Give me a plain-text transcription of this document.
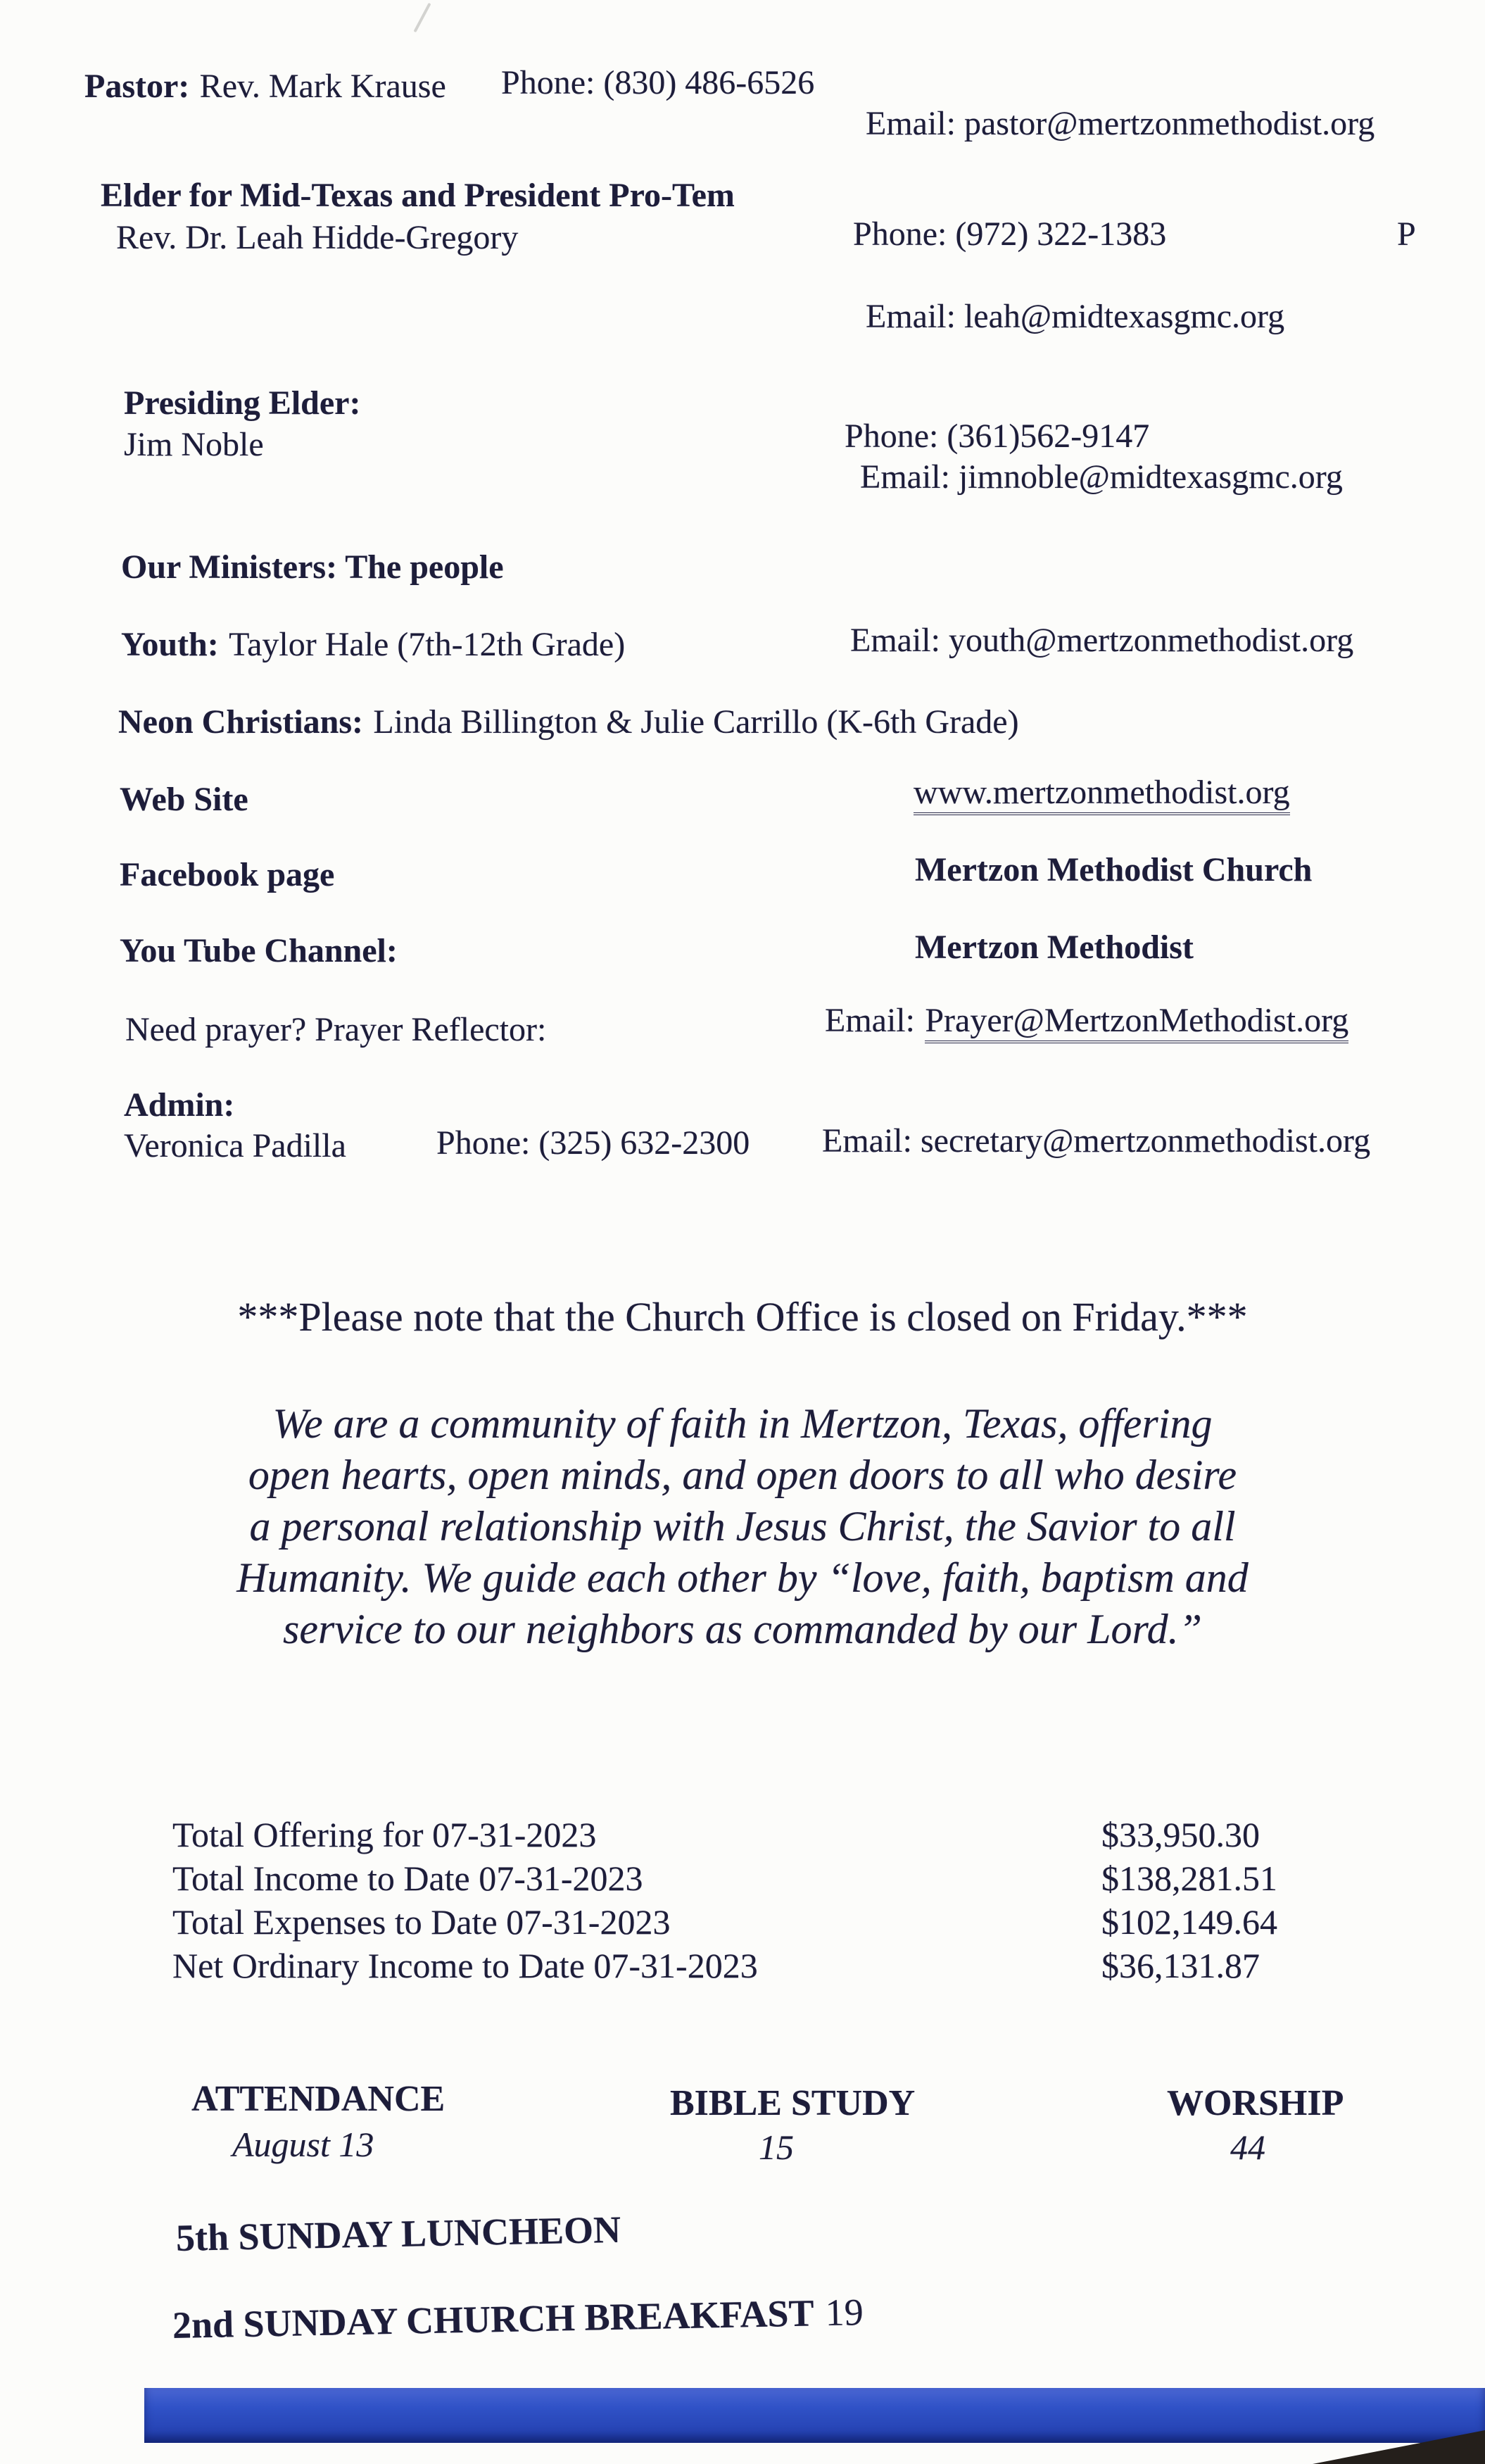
Pastor: Rev. Mark Krause Phone: (830) 486-6526
Email: pastor@mertzonmethodist.org
Elder for Mid-Texas and President Pro-Tem
Rev. Dr. Leah Hidde-Gregory	Phone: (972) 322-1383	P
Email: leah@midtexasgmc.org
Presiding Elder:
Jim Noble	Phone: (361)562-9147
Email: jimnoble@midtexasgmc.org
Our Ministers: The people
Youth: Taylor Hale (7th-12th Grade)	Email: youth@mertzonmethodist.org
Neon Christians: Linda Billington & Julie Carrillo (K-6th Grade)
Web Site	www.mertzonmethodist.org
Facebook page	Mertzon Methodist Church
You Tube Channel:	Mertzon Methodist
Need prayer? Prayer Reflector:	Email: Prayer@MertzonMethodist.org
Admin:
Veronica Padilla	Phone: (325) 632-2300 Email: secretary@mertzonmethodist.org
***Please note that the Church Office is closed on Friday.***
We are a community of faith in Mertzon, Texas, offering
open hearts, open minds, and open doors to all who desire
a personal relationship with Jesus Christ, the Savior to all
Humanity. We guide each other by “love, faith, baptism and
service to our neighbors as commanded by our Lord.”
Total Offering for 07-31-2023	$33,950.30
Total Income to Date 07-31-2023	$138,281.51
Total Expenses to Date 07-31-2023	$102,149.64
Net Ordinary Income to Date 07-31-2023	$36,131.87
ATTENDANCE	BIBLE STUDY	WORSHIP
August 13	15	44
5th SUNDAY LUNCHEON
2nd SUNDAY CHURCH BREAKFAST 19
